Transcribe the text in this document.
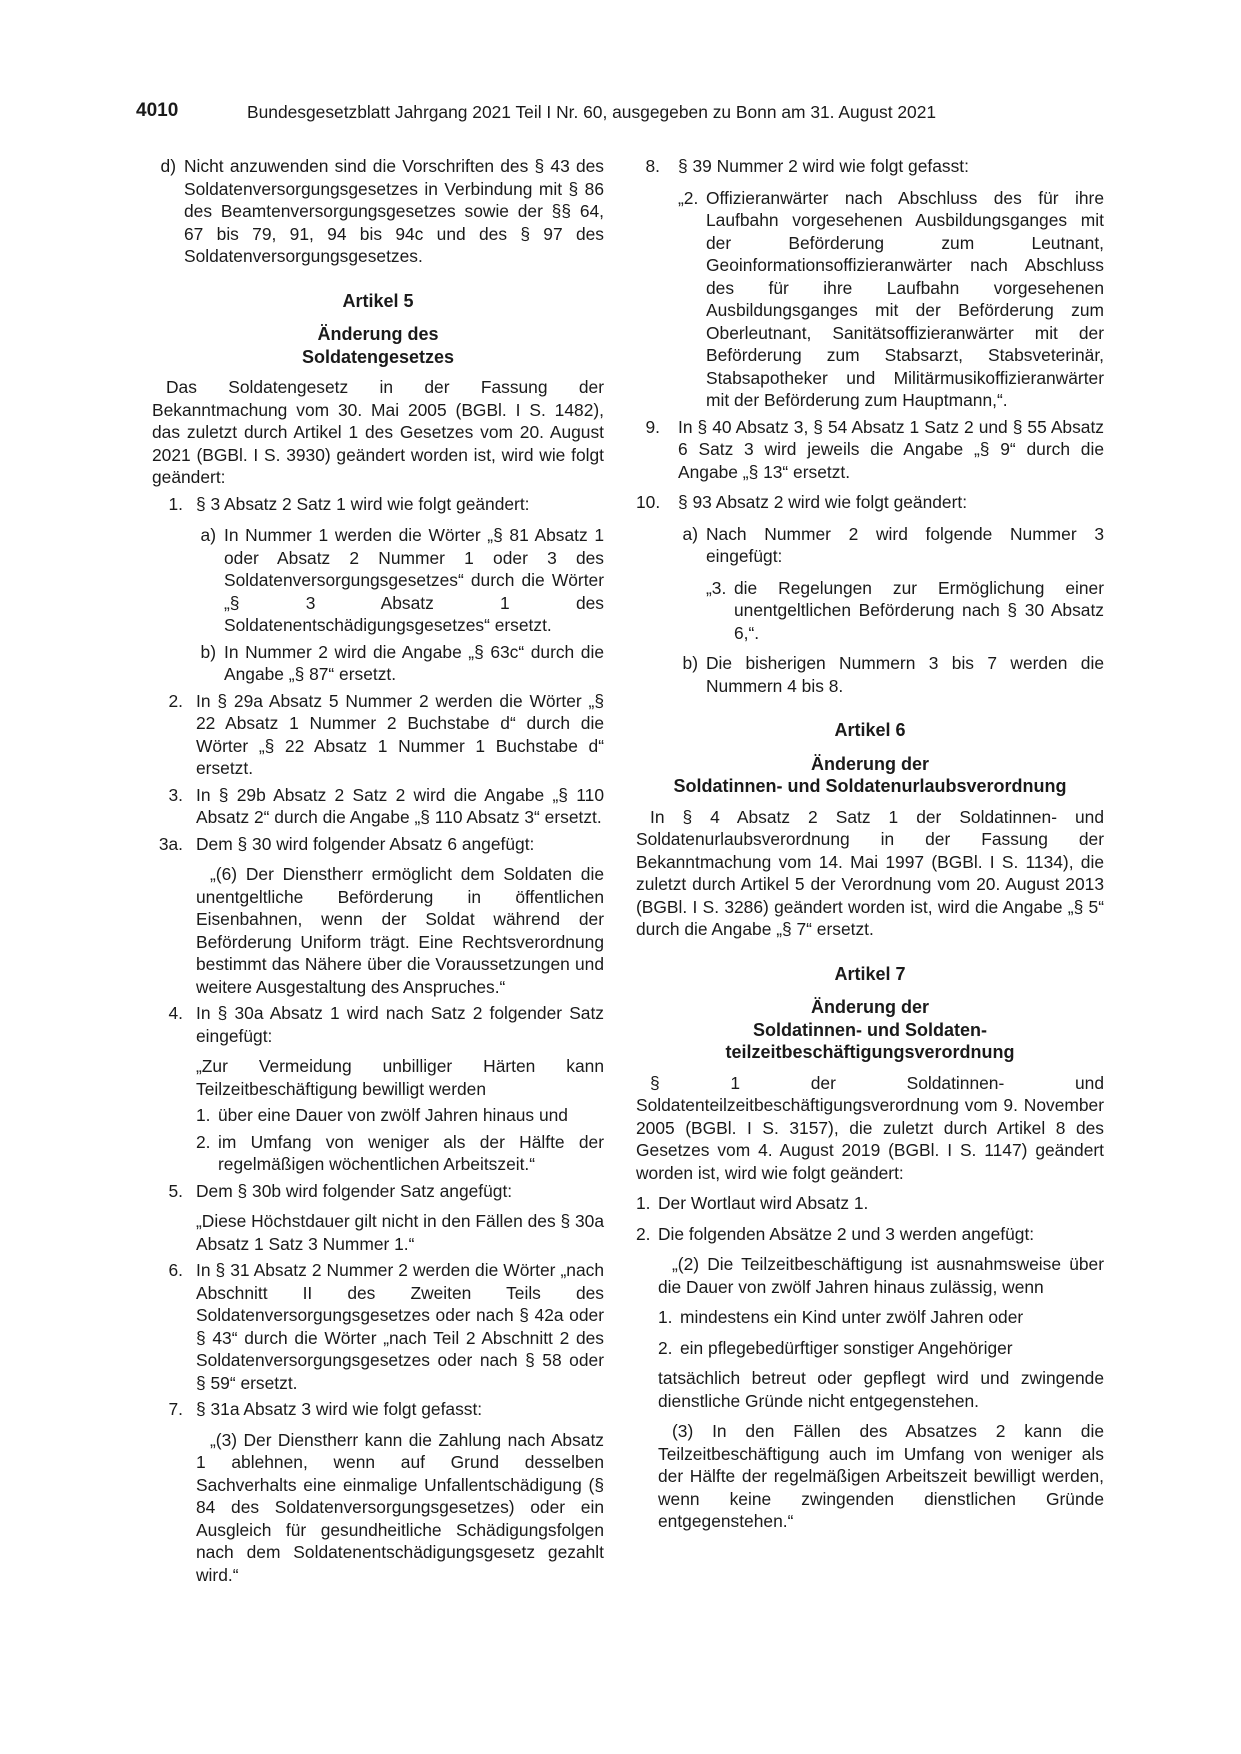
4010	Bundesgesetzblatt Jahrgang 2021 Teil I Nr. 60, ausgegeben zu Bonn am 31. August 2021
d) Nicht anzuwenden sind die Vorschriften des § 43 des Soldatenversorgungsgesetzes in Verbindung mit § 86 des Beamtenversorgungsgesetzes sowie der §§ 64, 67 bis 79, 91, 94 bis 94c und des § 97 des Soldatenversorgungsgesetzes.

Artikel 5

Änderung des

Soldatengesetzes

Das Soldatengesetz in der Fassung der Bekanntmachung vom 30. Mai 2005 (BGBl. I S. 1482), das zuletzt durch Artikel 1 des Gesetzes vom 20. August 2021 (BGBl. I S. 3930) geändert worden ist, wird wie folgt geändert:

1. § 3 Absatz 2 Satz 1 wird wie folgt geändert:
a) In Nummer 1 werden die Wörter „§ 81 Absatz 1 oder Absatz 2 Nummer 1 oder 3 des Soldatenversorgungsgesetzes“ durch die Wörter „§ 3 Absatz 1 des Soldatenentschädigungsgesetzes“ ersetzt.
b) In Nummer 2 wird die Angabe „§ 63c“ durch die Angabe „§ 87“ ersetzt.
2. In § 29a Absatz 5 Nummer 2 werden die Wörter „§ 22 Absatz 1 Nummer 2 Buchstabe d“ durch die Wörter „§ 22 Absatz 1 Nummer 1 Buchstabe d“ ersetzt.
3. In § 29b Absatz 2 Satz 2 wird die Angabe „§ 110 Absatz 2“ durch die Angabe „§ 110 Absatz 3“ ersetzt.
3a. Dem § 30 wird folgender Absatz 6 angefügt:

„(6) Der Dienstherr ermöglicht dem Soldaten die unentgeltliche Beförderung in öffentlichen Eisenbahnen, wenn der Soldat während der Beförderung Uniform trägt. Eine Rechtsverordnung bestimmt das Nähere über die Voraussetzungen und weitere Ausgestaltung des Anspruches.“

4. In § 30a Absatz 1 wird nach Satz 2 folgender Satz eingefügt:

„Zur Vermeidung unbilliger Härten kann Teilzeitbeschäftigung bewilligt werden

1. über eine Dauer von zwölf Jahren hinaus und
2. im Umfang von weniger als der Hälfte der regelmäßigen wöchentlichen Arbeitszeit.“
5. Dem § 30b wird folgender Satz angefügt:

„Diese Höchstdauer gilt nicht in den Fällen des § 30a Absatz 1 Satz 3 Nummer 1.“

6. In § 31 Absatz 2 Nummer 2 werden die Wörter „nach Abschnitt II des Zweiten Teils des Soldatenversorgungsgesetzes oder nach § 42a oder § 43“ durch die Wörter „nach Teil 2 Abschnitt 2 des Soldatenversorgungsgesetzes oder nach § 58 oder § 59“ ersetzt.
7. § 31a Absatz 3 wird wie folgt gefasst:

„(3) Der Dienstherr kann die Zahlung nach Absatz 1 ablehnen, wenn auf Grund desselben Sachverhalts eine einmalige Unfallentschädigung (§ 84 des Soldatenversorgungsgesetzes) oder ein Ausgleich für gesundheitliche Schädigungsfolgen nach dem Soldatenentschädigungsgesetz gezahlt wird.“

8. § 39 Nummer 2 wird wie folgt gefasst:
„2. Offizieranwärter nach Abschluss des für ihre Laufbahn vorgesehenen Ausbildungsganges mit der Beförderung zum Leutnant, Geoinformationsoffizieranwärter nach Abschluss des für ihre Laufbahn vorgesehenen Ausbildungsganges mit der Beförderung zum Oberleutnant, Sanitätsoffizieranwärter mit der Beförderung zum Stabsarzt, Stabsveterinär, Stabsapotheker und Militärmusikoffizieranwärter mit der Beförderung zum Hauptmann,“.
9. In § 40 Absatz 3, § 54 Absatz 1 Satz 2 und § 55 Absatz 6 Satz 3 wird jeweils die Angabe „§ 9“ durch die Angabe „§ 13“ ersetzt.
10. § 93 Absatz 2 wird wie folgt geändert:
a) Nach Nummer 2 wird folgende Nummer 3 eingefügt:
„3. die Regelungen zur Ermöglichung einer unentgeltlichen Beförderung nach § 30 Absatz 6,“.
b) Die bisherigen Nummern 3 bis 7 werden die Nummern 4 bis 8.

Artikel 6

Änderung der

Soldatinnen- und Soldatenurlaubsverordnung

In § 4 Absatz 2 Satz 1 der Soldatinnen- und Soldatenurlaubsverordnung in der Fassung der Bekanntmachung vom 14. Mai 1997 (BGBl. I S. 1134), die zuletzt durch Artikel 5 der Verordnung vom 20. August 2013 (BGBl. I S. 3286) geändert worden ist, wird die Angabe „§ 5“ durch die Angabe „§ 7“ ersetzt.

Artikel 7

Änderung der

Soldatinnen- und Soldaten-

teilzeitbeschäftigungsverordnung

§ 1 der Soldatinnen- und Soldatenteilzeitbeschäftigungsverordnung vom 9. November 2005 (BGBl. I S. 3157), die zuletzt durch Artikel 8 des Gesetzes vom 4. August 2019 (BGBl. I S. 1147) geändert worden ist, wird wie folgt geändert:

1. Der Wortlaut wird Absatz 1.
2. Die folgenden Absätze 2 und 3 werden angefügt:

„(2) Die Teilzeitbeschäftigung ist ausnahmsweise über die Dauer von zwölf Jahren hinaus zulässig, wenn

1. mindestens ein Kind unter zwölf Jahren oder
2. ein pflegebedürftiger sonstiger Angehöriger

tatsächlich betreut oder gepflegt wird und zwingende dienstliche Gründe nicht entgegenstehen.

(3) In den Fällen des Absatzes 2 kann die Teilzeitbeschäftigung auch im Umfang von weniger als der Hälfte der regelmäßigen Arbeitszeit bewilligt werden, wenn keine zwingenden dienstlichen Gründe entgegenstehen.“
